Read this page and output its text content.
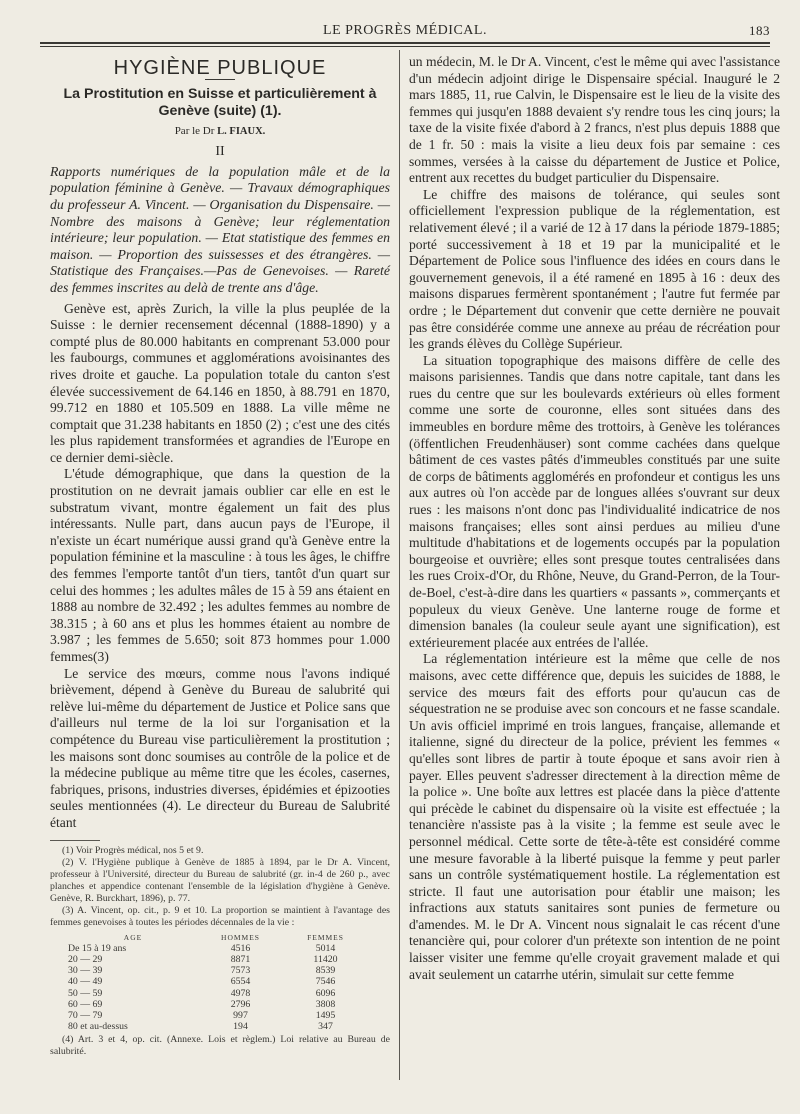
LE PROGRÈS MÉDICAL.	183
HYGIÈNE PUBLIQUE
La Prostitution en Suisse et particulièrement à Genève (suite) (1).
Par le Dr L. FIAUX.
II

Rapports numériques de la population mâle et de la population féminine à Genève. — Travaux démographiques du professeur A. Vincent. — Organisation du Dispensaire. — Nombre des maisons à Genève; leur réglementation intérieure; leur population. — Etat statistique des femmes en maison. — Proportion des suissesses et des étrangères. — Statistique des Françaises.—Pas de Genevoises. — Rareté des femmes inscrites au delà de trente ans d'âge.

Genève est, après Zurich, la ville la plus peuplée de la Suisse : le dernier recensement décennal (1888-1890) y a compté plus de 80.000 habitants en comprenant 53.000 pour les faubourgs, communes et agglomérations avoisinantes des rives droite et gauche. La population totale du canton s'est élevée successivement de 64.146 en 1850, à 88.791 en 1870, 99.712 en 1880 et 105.509 en 1888. La ville même ne comptait que 31.238 habitants en 1850 (2) ; c'est une des cités les plus rapidement transformées et agrandies de l'Europe en ce dernier demi-siècle.

L'étude démographique, que dans la question de la prostitution on ne devrait jamais oublier car elle en est le substratum vivant, montre également un fait des plus intéressants. Nulle part, dans aucun pays de l'Europe, il n'existe un écart numérique aussi grand qu'à Genève entre la population féminine et la masculine : à tous les âges, le chiffre des femmes l'emporte tantôt d'un tiers, tantôt d'un quart sur celui des hommes ; les adultes mâles de 15 à 59 ans étaient en 1888 au nombre de 32.492 ; les adultes femmes au nombre de 38.315 ; à 60 ans et plus les hommes étaient au nombre de 3.987 ; les femmes de 5.650; soit 873 hommes pour 1.000 femmes(3)

Le service des mœurs, comme nous l'avons indiqué brièvement, dépend à Genève du Bureau de salubrité qui relève lui-même du département de Justice et Police sans que d'ailleurs nul terme de la loi sur l'organisation et la compétence du Bureau vise particulièrement la prostitution ; les maisons sont donc soumises au contrôle de la police et de la médecine publique au même titre que les écoles, casernes, fabriques, prisons, industries diverses, épidémies et épizooties seules mentionnées (4). Le directeur du Bureau de Salubrité étant

(1) Voir Progrès médical, nos 5 et 9.

(2) V. l'Hygiène publique à Genève de 1885 à 1894, par le Dr A. Vincent, professeur à l'Université, directeur du Bureau de salubrité (gr. in-4 de 260 p., avec planches et appendice contenant l'ensemble de la législation d'hygiène à Genève. Genève, R. Burckhart, 1896), p. 77.

(3) A. Vincent, op. cit., p. 9 et 10. La proportion se maintient à l'avantage des femmes genevoises à toutes les périodes décennales de la vie :

AGE	HOMMES	FEMMES
De 15 à 19 ans	4516	5014
20 — 29	8871	11420
30 — 39	7573	8539
40 — 49	6554	7546
50 — 59	4978	6096
60 — 69	2796	3808
70 — 79	997	1495
80 et au-dessus	194	347

(4) Art. 3 et 4, op. cit. (Annexe. Lois et règlem.) Loi relative au Bureau de salubrité.

un médecin, M. le Dr A. Vincent, c'est le même qui avec l'assistance d'un médecin adjoint dirige le Dispensaire spécial. Inauguré le 2 mars 1885, 11, rue Calvin, le Dispensaire est le lieu de la visite des femmes qui jusqu'en 1888 devaient s'y rendre tous les cinq jours; la taxe de la visite fixée d'abord à 2 francs, n'est plus depuis 1888 que de 1 fr. 50 : mais la visite a lieu deux fois par semaine : ces sommes, versées à la caisse du département de Justice et Police, entrent aux recettes du budget particulier du Dispensaire.

Le chiffre des maisons de tolérance, qui seules sont officiellement l'expression publique de la réglementation, est relativement élevé ; il a varié de 12 à 17 dans la période 1879-1885; porté successivement à 18 et 19 par la municipalité et le Département de Police sous l'influence des idées en cours dans le gouvernement genevois, il a été ramené en 1895 à 16 : deux des maisons disparues fermèrent spontanément ; l'autre fut fermée par ordre ; le Département dut convenir que cette dernière ne pouvait pas être considérée comme une annexe au préau de récréation pour les grands élèves du Collège Supérieur.

La situation topographique des maisons diffère de celle des maisons parisiennes. Tandis que dans notre capitale, tant dans les rues du centre que sur les boulevards extérieurs où elles forment comme une sorte de couronne, elles sont situées dans des immeubles en bordure même des trottoirs, à Genève les tolérances (öffentlichen Freudenhäuser) sont comme cachées dans quelque bâtiment de ces vastes pâtés d'immeubles constitués par une suite de corps de bâtiments agglomérés en profondeur et contigus les uns aux autres où l'on accède par de longues allées s'ouvrant sur deux rues : les maisons n'ont donc pas l'individualité indicatrice de nos maisons françaises; elles sont ainsi perdues au milieu d'une multitude d'habitations et de logements occupés par la population bourgeoise et ouvrière; elles sont presque toutes centralisées dans les rues Croix-d'Or, du Rhône, Neuve, du Grand-Perron, de la Tour-de-Boel, c'est-à-dire dans les quartiers « passants », commerçants et populeux du vieux Genève. Une lanterne rouge de forme et dimension banales (la couleur seule ayant une signification), est extérieurement placée aux entrées de l'allée.

La réglementation intérieure est la même que celle de nos maisons, avec cette différence que, depuis les suicides de 1888, le service des mœurs fait des efforts pour qu'aucun cas de séquestration ne se produise avec son concours et ne fasse scandale. Un avis officiel imprimé en trois langues, française, allemande et italienne, signé du directeur de la police, prévient les femmes « qu'elles sont libres de partir à toute époque et sans avoir rien à payer. Elles peuvent s'adresser directement à la direction même de la police ». Une boîte aux lettres est placée dans la pièce d'attente qui précède le cabinet du dispensaire où la visite est effectuée ; la tenancière n'assiste pas à la visite ; la femme est seule avec le personnel médical. Cette sorte de tête-à-tête est considéré comme une mesure favorable à la liberté puisque la femme y peut parler sans un contrôle systématiquement hostile. La réglementation est stricte. Il faut une autorisation pour établir une maison; les infractions aux statuts sanitaires sont punies de fermeture ou d'amendes. M. le Dr A. Vincent nous signalait le cas récent d'une tenancière qui, pour colorer d'un prétexte son intention de ne point laisser visiter une femme qu'elle croyait gravement malade et qui avait seulement un catarrhe utérin, simulait sur cette femme
